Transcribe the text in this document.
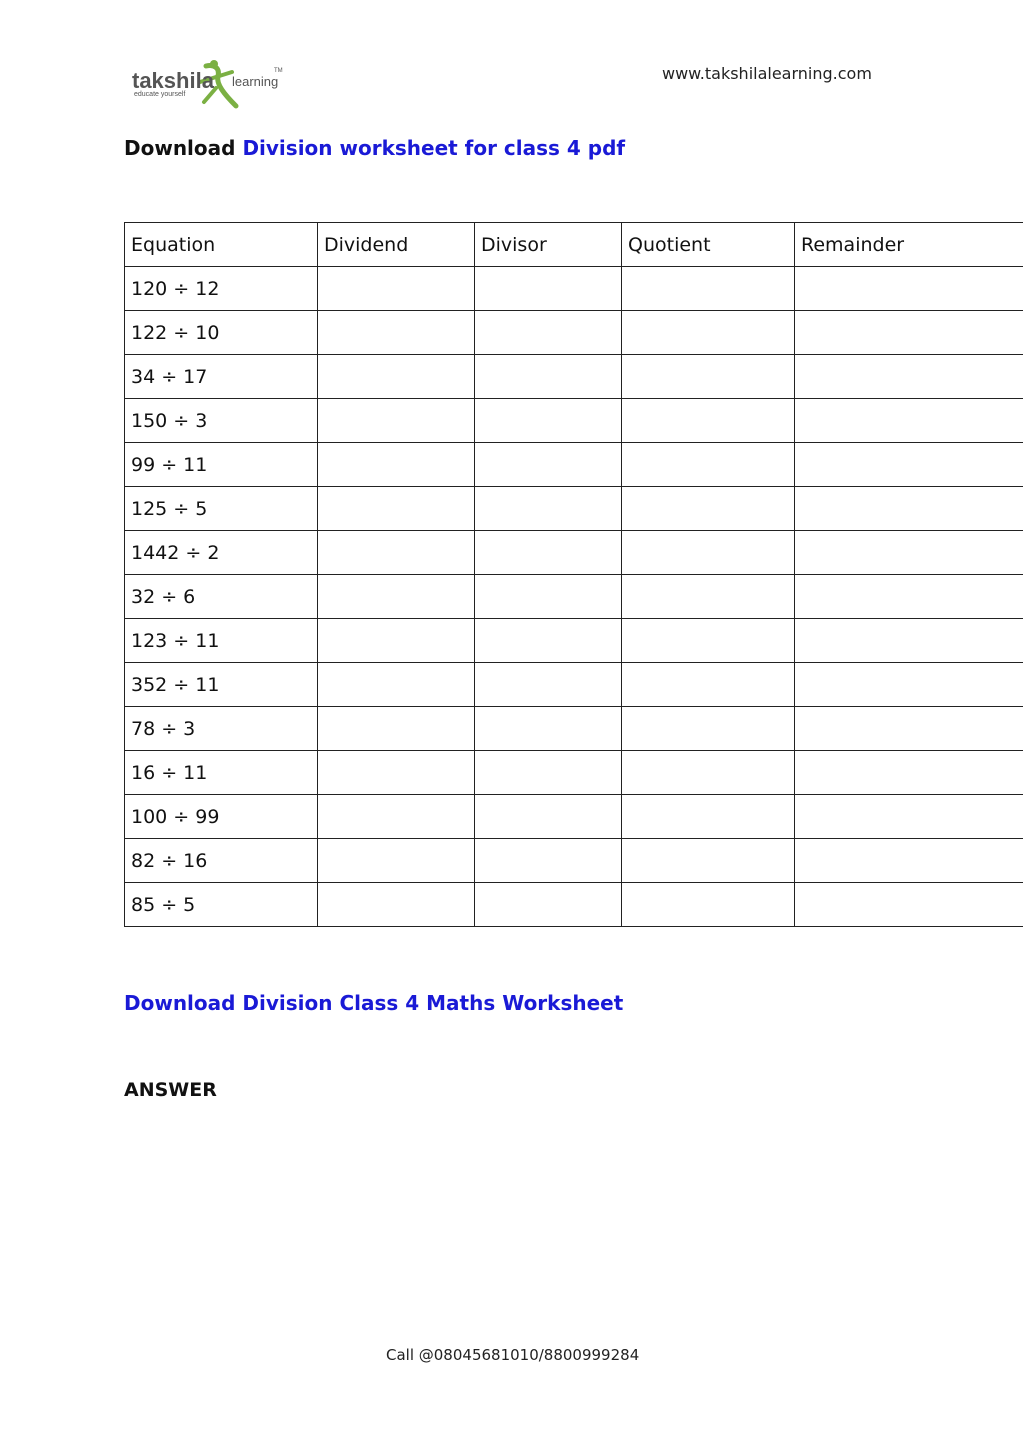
takshila learning
TM
educate yourself
www.takshilalearning.com
Download Division worksheet for class 4 pdf
Equation	Dividend	Divisor	Quotient	Remainder
120 ÷ 12				
122 ÷ 10				
34 ÷ 17				
150 ÷ 3				
99 ÷ 11				
125 ÷ 5				
1442 ÷ 2				
32 ÷ 6				
123 ÷ 11				
352 ÷ 11				
78 ÷ 3				
16 ÷ 11				
100 ÷ 99				
82 ÷ 16				
85 ÷ 5				
Download Division Class 4 Maths Worksheet
ANSWER
Call @08045681010/8800999284
